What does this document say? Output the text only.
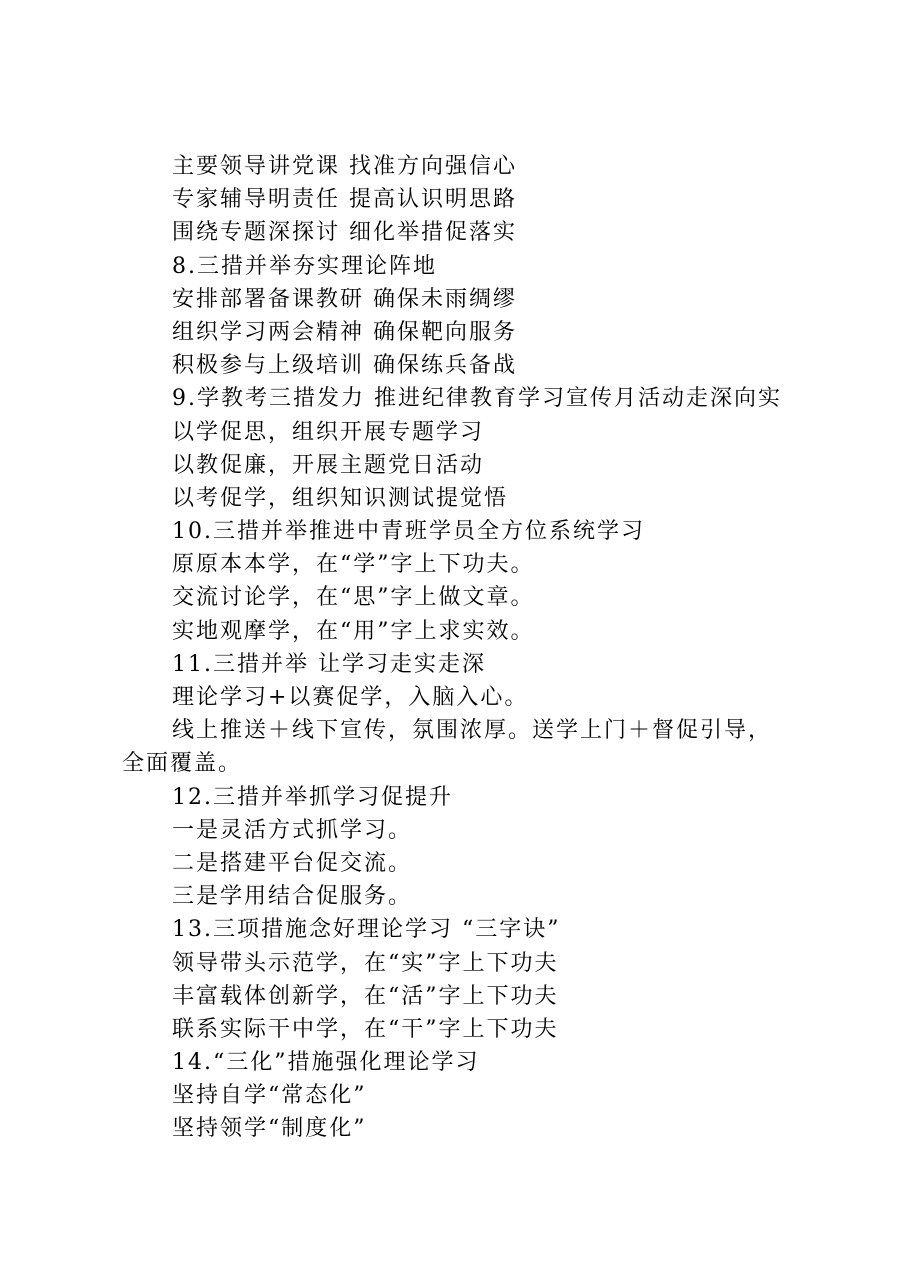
主要领导讲党课 找准方向强信心
专家辅导明责任 提高认识明思路
围绕专题深探讨 细化举措促落实
8.三措并举夯实理论阵地
安排部署备课教研 确保未雨绸缪
组织学习两会精神 确保靶向服务
积极参与上级培训 确保练兵备战
9.学教考三措发力 推进纪律教育学习宣传月活动走深向实
以学促思，组织开展专题学习
以教促廉，开展主题党日活动
以考促学，组织知识测试提觉悟
10.三措并举推进中青班学员全方位系统学习
原原本本学，在“学”字上下功夫。
交流讨论学，在“思”字上做文章。
实地观摩学，在“用”字上求实效。
11.三措并举 让学习走实走深
理论学习+以赛促学，入脑入心。
线上推送＋线下宣传，氛围浓厚。送学上门＋督促引导，
全面覆盖。
12.三措并举抓学习促提升
一是灵活方式抓学习。
二是搭建平台促交流。
三是学用结合促服务。
13.三项措施念好理论学习 “三字诀”
领导带头示范学，在“实”字上下功夫
丰富载体创新学，在“活”字上下功夫
联系实际干中学，在“干”字上下功夫
14.“三化”措施强化理论学习
坚持自学“常态化”
坚持领学“制度化”
